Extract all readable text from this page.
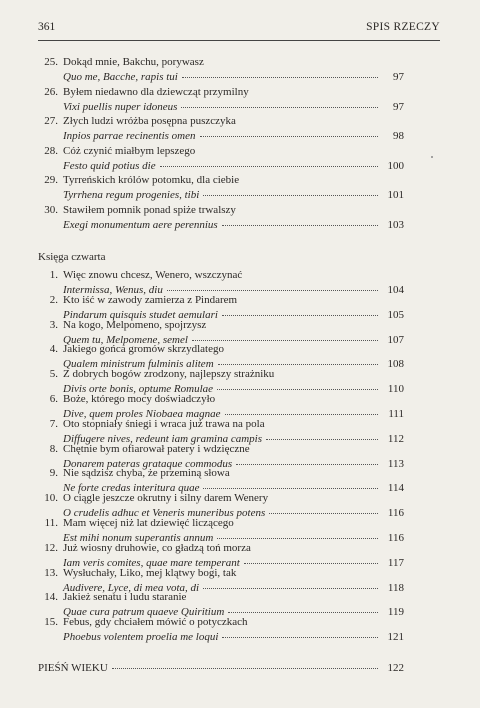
361	SPIS RZECZY
25. Dokąd mnie, Bakchu, porywasz
Quo me, Bacche, rapis tui	97
26. Byłem niedawno dla dziewcząt przymilny
Vixi puellis nuper idoneus	97
27. Złych ludzi wróżba posępna puszczyka
Inpios parrae recinentis omen	98
28. Cóż czynić miałbym lepszego
Festo quid potius die	100
29. Tyrreńskich królów potomku, dla ciebie
Tyrrhena regum progenies, tibi	101
30. Stawiłem pomnik ponad spiże trwalszy
Exegi monumentum aere perennius	103
Księga czwarta
1. Więc znowu chcesz, Wenero, wszczynać
Intermissa, Wenus, diu	104
2. Kto iść w zawody zamierza z Pindarem
Pindarum quisquis studet aemulari	105
3. Na kogo, Melpomeno, spojrzysz
Quem tu, Melpomene, semel	107
4. Jakiego gońca gromów skrzydlatego
Qualem ministrum fulminis alitem	108
5. Z dobrych bogów zrodzony, najlepszy strażniku
Divis orte bonis, optume Romulae	110
6. Boże, którego mocy doświadczyło
Dive, quem proles Niobaea magnae	111
7. Oto stopniały śniegi i wraca już trawa na pola
Diffugere nives, redeunt iam gramina campis	112
8. Chętnie bym ofiarował patery i wdzięczne
Donarem pateras grataque commodus	113
9. Nie sądzisz chyba, że przeminą słowa
Ne forte credas interitura quae	114
10. O ciągle jeszcze okrutny i silny darem Wenery
O crudelis adhuc et Veneris muneribus potens	116
11. Mam więcej niż lat dziewięć liczącego
Est mihi nonum superantis annum	116
12. Już wiosny druhowie, co gładzą toń morza
Iam veris comites, quae mare temperant	117
13. Wysłuchały, Liko, mej klątwy bogi, tak
Audivere, Lyce, di mea vota, di	118
14. Jakież senatu i ludu staranie
Quae cura patrum quaeve Quiritium	119
15. Febus, gdy chciałem mówić o potyczkach
Phoebus volentem proelia me loqui	121
PIEŚŃ WIEKU	122
